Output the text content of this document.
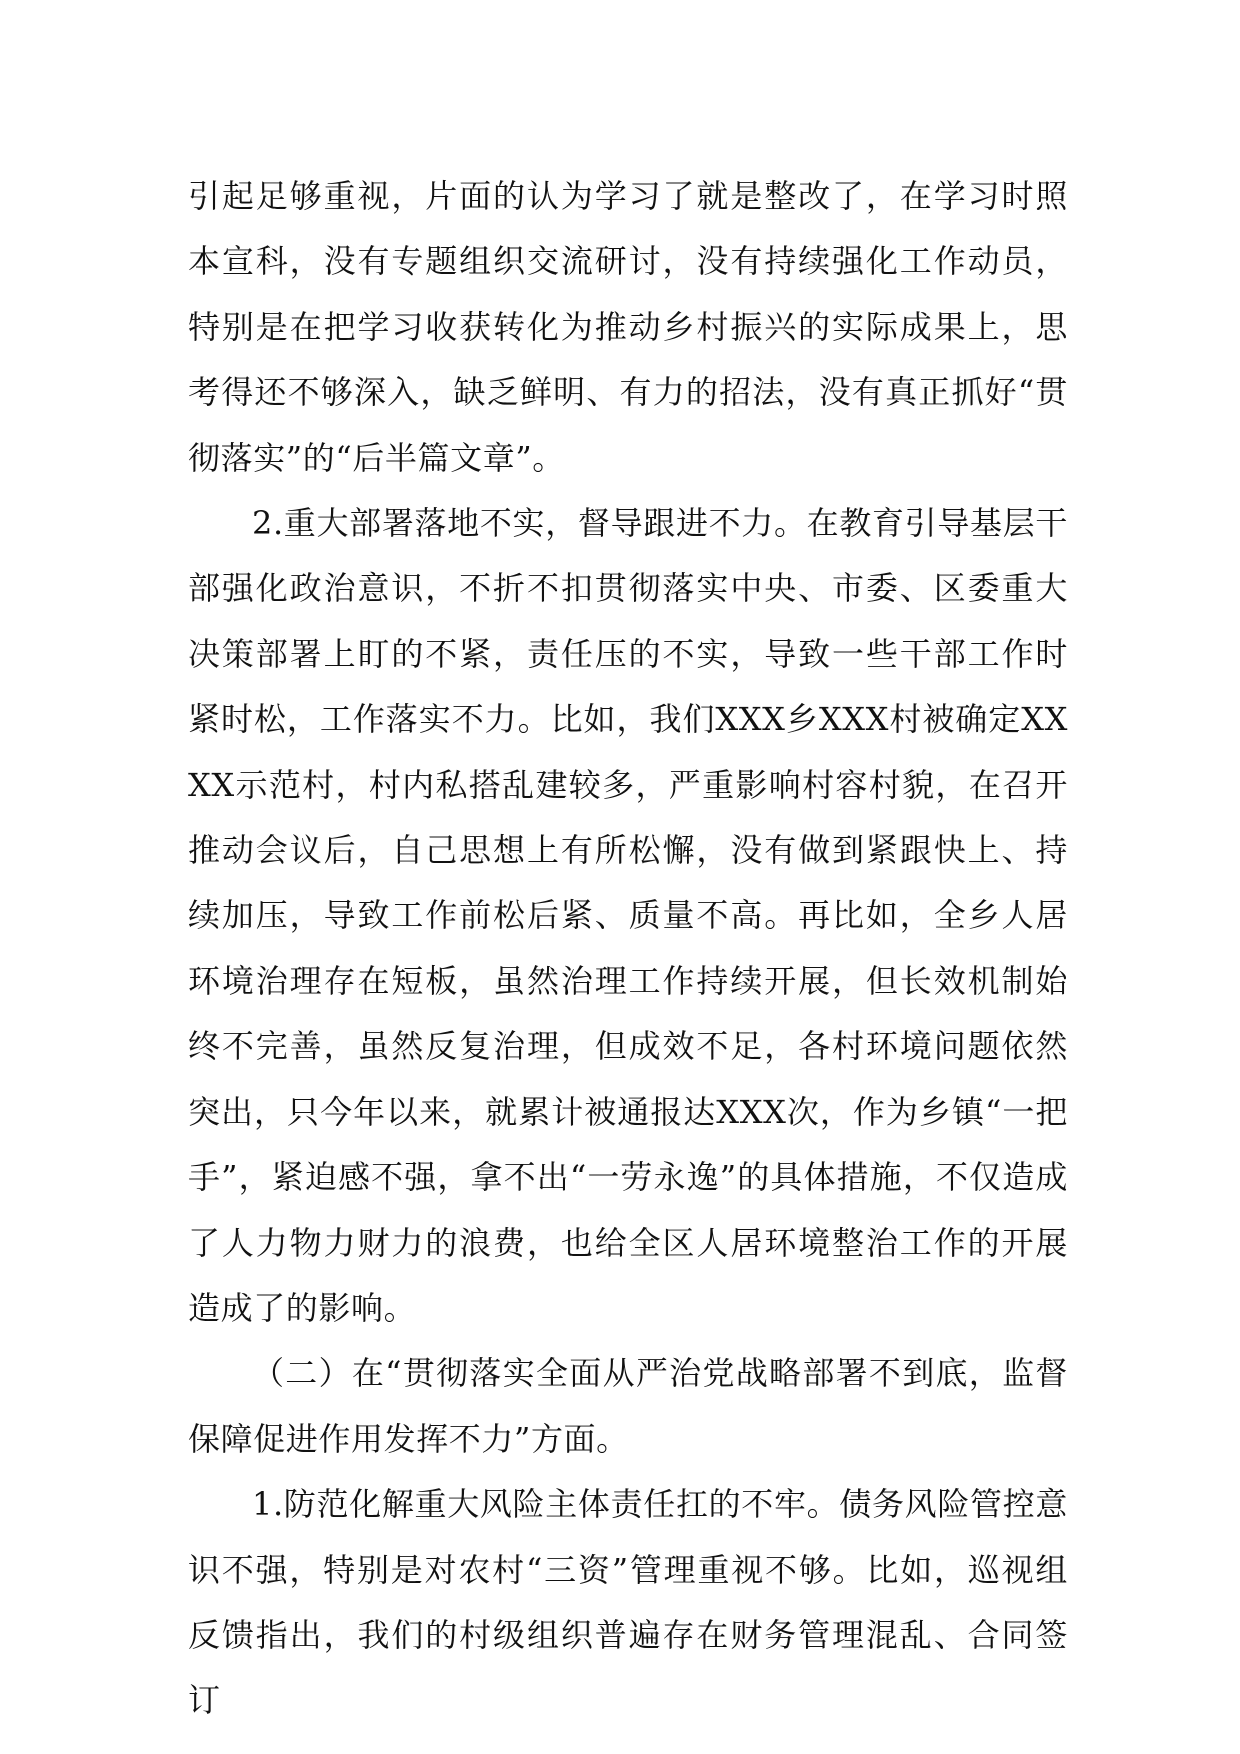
引起足够重视，片面的认为学习了就是整改了，在学习时照本宣科，没有专题组织交流研讨，没有持续强化工作动员，特别是在把学习收获转化为推动乡村振兴的实际成果上，思考得还不够深入，缺乏鲜明、有力的招法，没有真正抓好“贯彻落实”的“后半篇文章”。

2.重大部署落地不实，督导跟进不力。在教育引导基层干部强化政治意识，不折不扣贯彻落实中央、市委、区委重大决策部署上盯的不紧，责任压的不实，导致一些干部工作时紧时松，工作落实不力。比如，我们XXX乡XXX村被确定XXXX示范村，村内私搭乱建较多，严重影响村容村貌，在召开推动会议后，自己思想上有所松懈，没有做到紧跟快上、持续加压，导致工作前松后紧、质量不高。再比如，全乡人居环境治理存在短板，虽然治理工作持续开展，但长效机制始终不完善，虽然反复治理，但成效不足，各村环境问题依然突出，只今年以来，就累计被通报达XXX次，作为乡镇“一把手”，紧迫感不强，拿不出“一劳永逸”的具体措施，不仅造成了人力物力财力的浪费，也给全区人居环境整治工作的开展造成了的影响。

（二）在“贯彻落实全面从严治党战略部署不到底，监督保障促进作用发挥不力”方面。

1.防范化解重大风险主体责任扛的不牢。债务风险管控意识不强，特别是对农村“三资”管理重视不够。比如，巡视组反馈指出，我们的村级组织普遍存在财务管理混乱、合同签订
